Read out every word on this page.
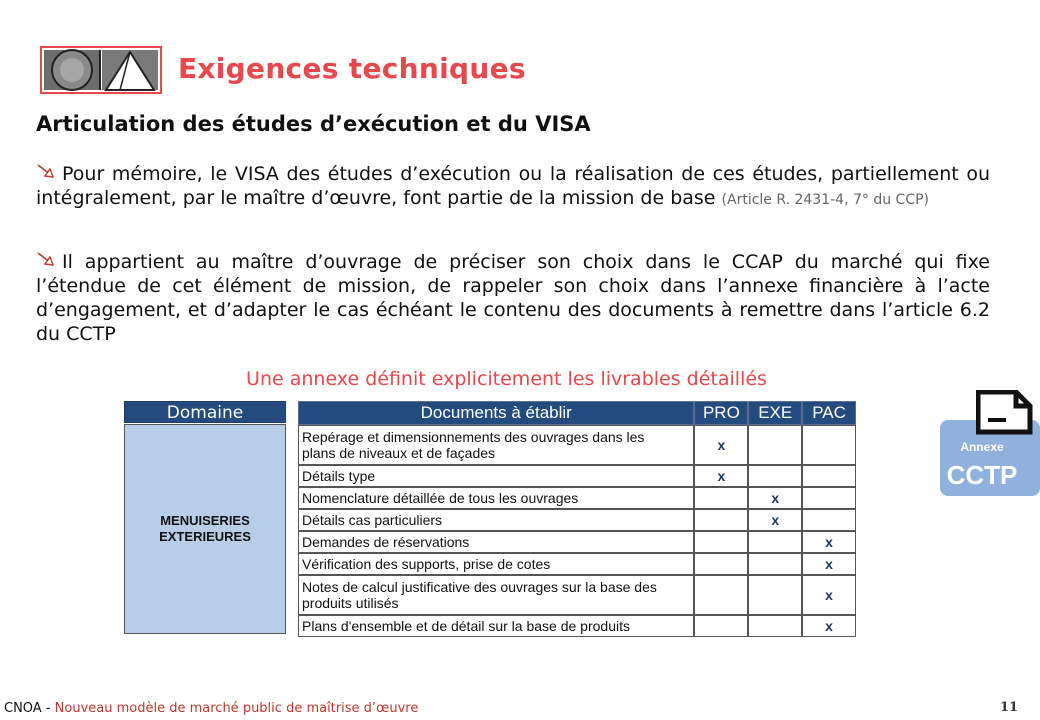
Exigences techniques
Articulation des études d’exécution et du VISA
Pour mémoire, le VISA des études d’exécution ou la réalisation de ces études, partiellement ou intégralement, par le maître d’œuvre, font partie de la mission de base (Article R. 2431-4, 7° du CCP)
Il appartient au maître d’ouvrage de préciser son choix dans le CCAP du marché qui fixe l’étendue de cet élément de mission, de rappeler son choix dans l’annexe financière à l’acte d’engagement, et d’adapter le cas échéant le contenu des documents à remettre dans l’article 6.2 du CCTP
Une annexe définit explicitement les livrables détaillés
Domaine
MENUISERIES
EXTERIEURES
Documents à établir	PRO	EXE	PAC

Repérage et dimensionnements des ouvrages dans les
plans de niveaux et de façades	x		

Détails type	x		

Nomenclature détaillée de tous les ouvrages		x	

Détails cas particuliers		x	

Demandes de réservations			x

Vérification des supports, prise de cotes			x

Notes de calcul justificative des ouvrages sur la base des
produits utilisés			x

Plans d'ensemble et de détail sur la base de produits			x
Annexe
CCTP
CNOA - Nouveau modèle de marché public de maîtrise d’œuvre	11
